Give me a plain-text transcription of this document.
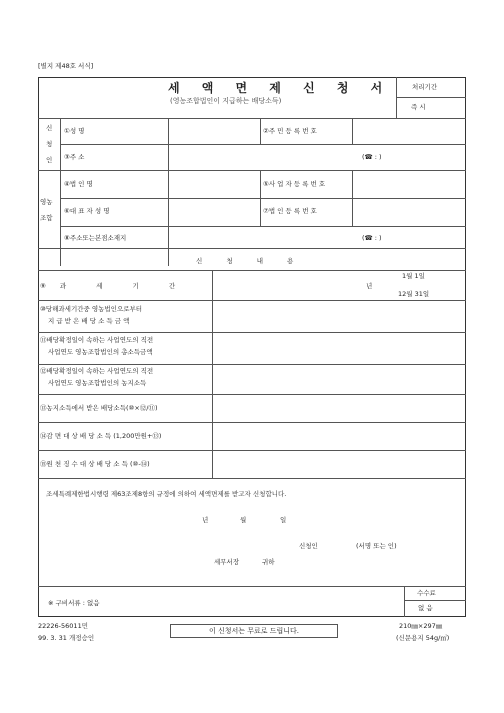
[별지 제48호 서식]
세 액 면 제 신 청 서
(영농조합법인이 지급하는 배당소득)
처리기간
즉 시
신
청
인
①성 명	②주 민 등 록 번 호
③주 소	(☎ : )
영농
조합
④법 인 명	⑤사 업 자 등 록 번 호
⑥대 표 자 성 명	⑦법 인 등 록 번 호
⑧주소또는본점소재지	(☎ : )
신 청 내 용
⑨과 세 기 간	년
1월 1일
12월 31일
⑩당해과세기간중 영농법인으로부터
지 급 받 은 배 당 소 득 금 액
⑪배당확정일이 속하는 사업연도의 직전
사업연도 영농조합법인의 총소득금액
⑫배당확정일이 속하는 사업연도의 직전
사업연도 영농조합법인의 농지소득
⑬농지소득에서 받은 배당소득(⑩×⑫/⑪)
⑭감 면 대 상 배 당 소 득 (1,200만원+⑬)
⑮원 천 징 수 대 상 배 당 소 득 (⑩-⑭)
조세특례제한법시행령 제63조제8항의 규정에 의하여 세액면제를 받고자 신청합니다.
년	월	일
신청인	(서명 또는 인)
세무서장	귀하
※ 구비서류 : 없음
수수료
없 음
22226-56011민
99. 3. 31 개정승인
이 신청서는 무료로 드립니다.
210㎜×297㎜
(신문용지 54g/㎡)
